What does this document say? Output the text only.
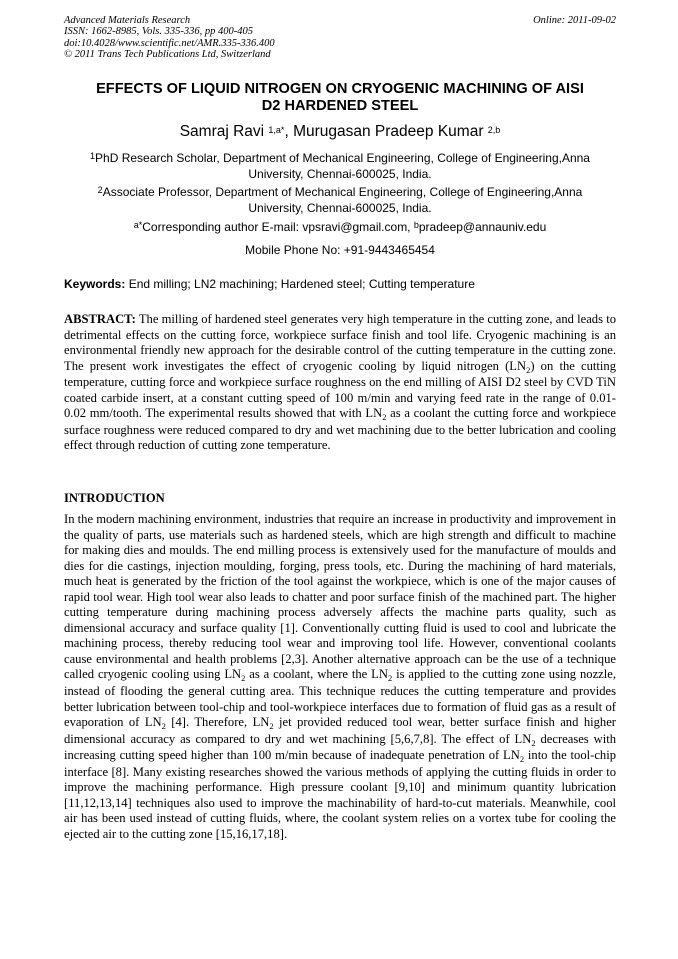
Advanced Materials Research
ISSN: 1662-8985, Vols. 335-336, pp 400-405
doi:10.4028/www.scientific.net/AMR.335-336.400
© 2011 Trans Tech Publications Ltd, Switzerland
Online: 2011-09-02
EFFECTS OF LIQUID NITROGEN ON CRYOGENIC MACHINING OF AISI
D2 HARDENED STEEL
Samraj Ravi $^{1,a*}$, Murugasan Pradeep Kumar $^{2,b}$
$^1$PhD Research Scholar, Department of Mechanical Engineering, College of Engineering,Anna
University, Chennai-600025, India.
$^2$Associate Professor, Department of Mechanical Engineering, College of Engineering,Anna
University, Chennai-600025, India.
$^{a*}$Corresponding author E-mail: vpsravi@gmail.com, $^b$pradeep@annauniv.edu
Mobile Phone No: +91-9443465454
Keywords: End milling; LN2 machining; Hardened steel; Cutting temperature
ABSTRACT: The milling of hardened steel generates very high temperature in the cutting zone, and leads to detrimental effects on the cutting force, workpiece surface finish and tool life. Cryogenic machining is an environmental friendly new approach for the desirable control of the cutting temperature in the cutting zone. The present work investigates the effect of cryogenic cooling by liquid nitrogen $(LN_2)$ on the cutting temperature, cutting force and workpiece surface roughness on the end milling of AISI D2 steel by CVD TiN coated carbide insert, at a constant cutting speed of 100 m/min and varying feed rate in the range of 0.01-0.02 mm/tooth. The experimental results showed that with $LN_2$ as a coolant the cutting force and workpiece surface roughness were reduced compared to dry and wet machining due to the better lubrication and cooling effect through reduction of cutting zone temperature.
INTRODUCTION
In the modern machining environment, industries that require an increase in productivity and improvement in the quality of parts, use materials such as hardened steels, which are high strength and difficult to machine for making dies and moulds. The end milling process is extensively used for the manufacture of moulds and dies for die castings, injection moulding, forging, press tools, etc. During the machining of hard materials, much heat is generated by the friction of the tool against the workpiece, which is one of the major causes of rapid tool wear. High tool wear also leads to chatter and poor surface finish of the machined part. The higher cutting temperature during machining process adversely affects the machine parts quality, such as dimensional accuracy and surface quality [1]. Conventionally cutting fluid is used to cool and lubricate the machining process, thereby reducing tool wear and improving tool life. However, conventional coolants cause environmental and health problems [2,3]. Another alternative approach can be the use of a technique called cryogenic cooling using $LN_2$ as a coolant, where the $LN_2$ is applied to the cutting zone using nozzle, instead of flooding the general cutting area. This technique reduces the cutting temperature and provides better lubrication between tool-chip and tool-workpiece interfaces due to formation of fluid gas as a result of evaporation of $LN_2$ [4]. Therefore, $LN_2$ jet provided reduced tool wear, better surface finish and higher dimensional accuracy as compared to dry and wet machining [5,6,7,8]. The effect of $LN_2$ decreases with increasing cutting speed higher than 100 m/min because of inadequate penetration of $LN_2$ into the tool-chip interface [8]. Many existing researches showed the various methods of applying the cutting fluids in order to improve the machining performance. High pressure coolant [9,10] and minimum quantity lubrication [11,12,13,14] techniques also used to improve the machinability of hard-to-cut materials. Meanwhile, cool air has been used instead of cutting fluids, where, the coolant system relies on a vortex tube for cooling the ejected air to the cutting zone [15,16,17,18].
